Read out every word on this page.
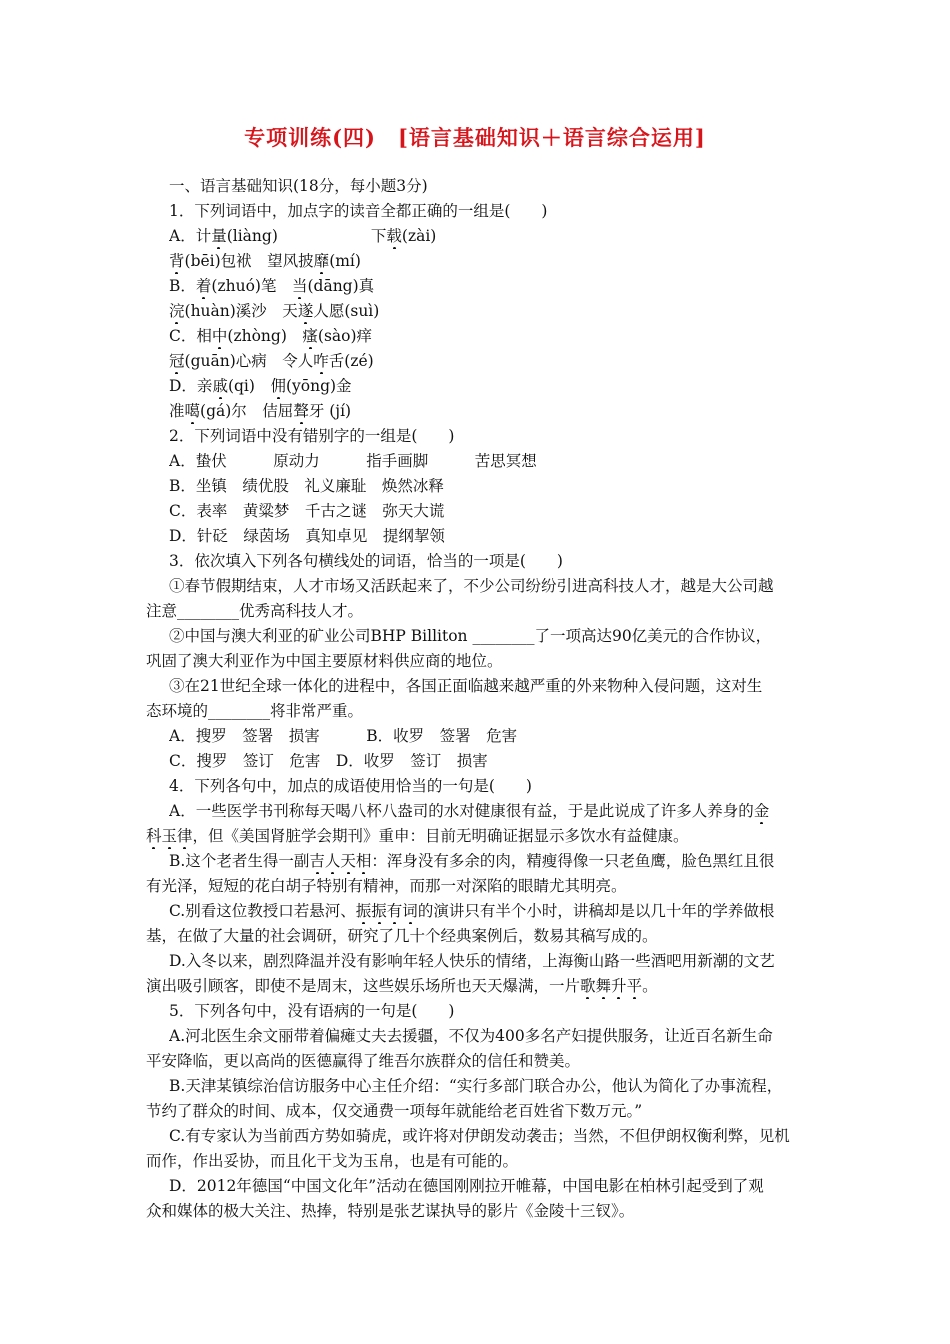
专项训练(四)　[语言基础知识＋语言综合运用]
一、语言基础知识(18分，每小题3分)
1．下列词语中，加点字的读音全都正确的一组是(　　)
A．计量(liàng)　　　　　　下载(zài)
背(bēi)包袱　望风披靡(mí)
B．着(zhuó)笔　当(dāng)真
浣(huàn)溪沙　天遂人愿(suì)
C．相中(zhòng)　瘙(sào)痒
冠(guān)心病　令人咋舌(zé)
D．亲戚(qi)　佣(yōng)金
准噶(gá)尔　佶屈聱牙 (jí)
2．下列词语中没有错别字的一组是(　　)
A．蛰伏　　　原动力　　　指手画脚　　　苦思冥想
B．坐镇　绩优股　礼义廉耻　焕然冰释
C．表率　黄粱梦　千古之谜　弥天大谎
D．针砭　绿茵场　真知卓见　提纲挈领
3．依次填入下列各句横线处的词语，恰当的一项是(　　)
①春节假期结束，人才市场又活跃起来了，不少公司纷纷引进高科技人才，越是大公司越
注意________优秀高科技人才。
②中国与澳大利亚的矿业公司BHP Billiton ________了一项高达90亿美元的合作协议，
巩固了澳大利亚作为中国主要原材料供应商的地位。
③在21世纪全球一体化的进程中，各国正面临越来越严重的外来物种入侵问题，这对生
态环境的________将非常严重。
A．搜罗　签署　损害　　　B．收罗　签署　危害
C．搜罗　签订　危害　D．收罗　签订　损害
4．下列各句中，加点的成语使用恰当的一句是(　　)
A．一些医学书刊称每天喝八杯八盎司的水对健康很有益，于是此说成了许多人养身的金
科玉律，但《美国肾脏学会期刊》重申：目前无明确证据显示多饮水有益健康。
B.这个老者生得一副吉人天相：浑身没有多余的肉，精瘦得像一只老鱼鹰，脸色黑红且很
有光泽，短短的花白胡子特别有精神，而那一对深陷的眼睛尤其明亮。
C.别看这位教授口若悬河、振振有词的演讲只有半个小时，讲稿却是以几十年的学养做根
基，在做了大量的社会调研，研究了几十个经典案例后，数易其稿写成的。
D.入冬以来，剧烈降温并没有影响年轻人快乐的情绪，上海衡山路一些酒吧用新潮的文艺
演出吸引顾客，即使不是周末，这些娱乐场所也天天爆满，一片歌舞升平。
5．下列各句中，没有语病的一句是(　　)
A.河北医生余文丽带着偏瘫丈夫去援疆，不仅为400多名产妇提供服务，让近百名新生命
平安降临，更以高尚的医德赢得了维吾尔族群众的信任和赞美。
B.天津某镇综治信访服务中心主任介绍：“实行多部门联合办公，他认为简化了办事流程，
节约了群众的时间、成本，仅交通费一项每年就能给老百姓省下数万元。”
C.有专家认为当前西方势如骑虎，或许将对伊朗发动袭击；当然，不但伊朗权衡利弊，见机
而作，作出妥协，而且化干戈为玉帛，也是有可能的。
D．2012年德国“中国文化年”活动在德国刚刚拉开帷幕，中国电影在柏林引起受到了观
众和媒体的极大关注、热捧，特别是张艺谋执导的影片《金陵十三钗》。
